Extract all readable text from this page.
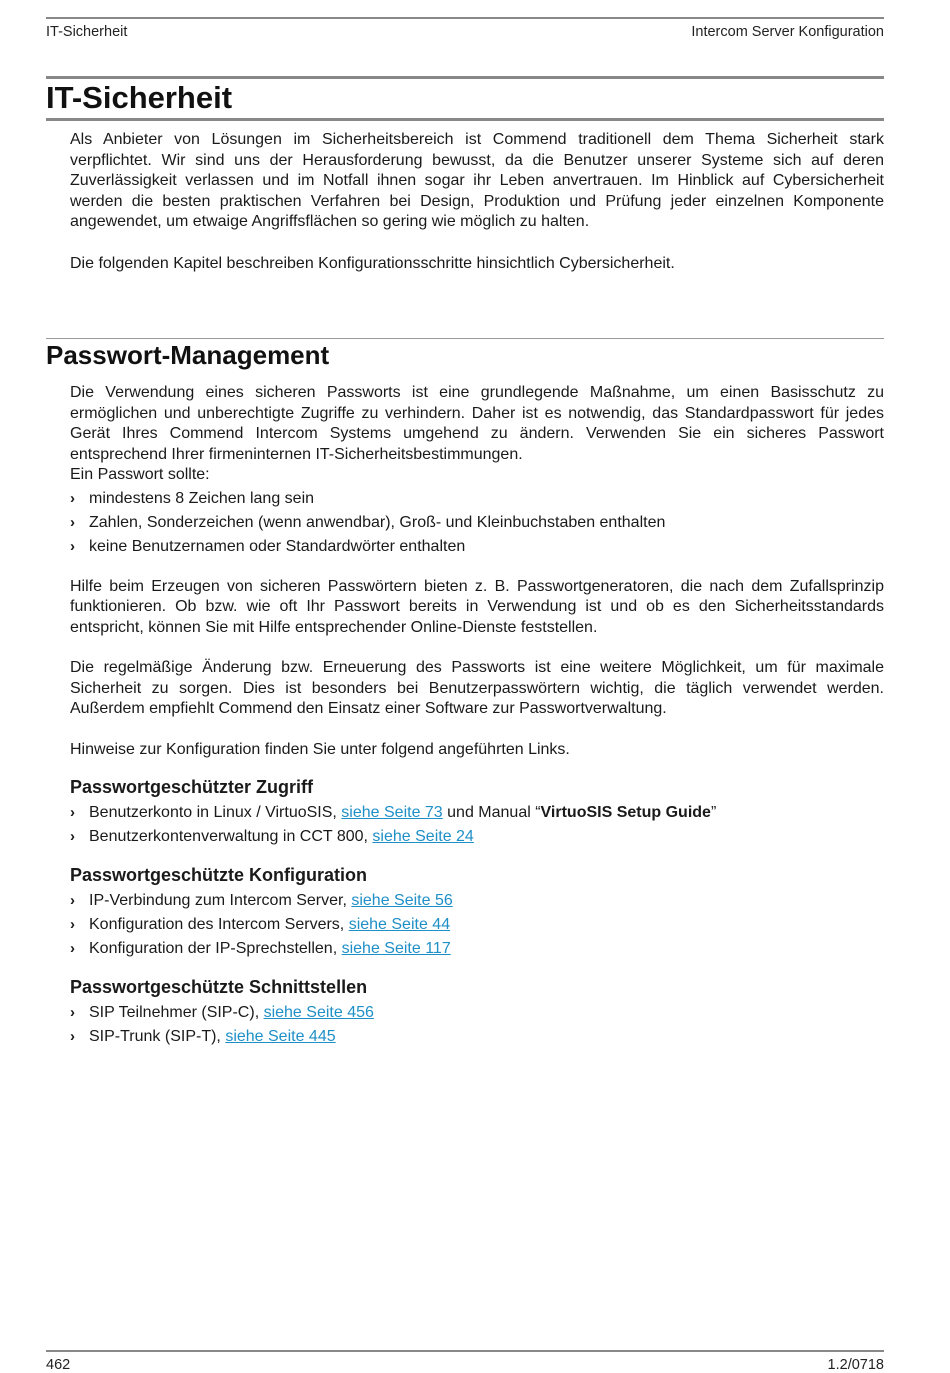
IT-Sicherheit	Intercom Server Konfiguration
IT-Sicherheit

Als Anbieter von Lösungen im Sicherheitsbereich ist Commend traditionell dem Thema Sicherheit stark verpflichtet. Wir sind uns der Herausforderung bewusst, da die Benutzer unserer Systeme sich auf deren Zuverlässigkeit verlassen und im Notfall ihnen sogar ihr Leben anvertrauen. Im Hinblick auf Cybersicherheit werden die besten praktischen Verfahren bei Design, Produktion und Prüfung jeder einzelnen Komponente angewendet, um etwaige Angriffsflächen so gering wie möglich zu halten.

Die folgenden Kapitel beschreiben Konfigurationsschritte hinsichtlich Cybersicherheit.

Passwort-Management

Die Verwendung eines sicheren Passworts ist eine grundlegende Maßnahme, um einen Basisschutz zu ermöglichen und unberechtigte Zugriffe zu verhindern. Daher ist es notwendig, das Standardpasswort für jedes Gerät Ihres Commend Intercom Systems umgehend zu ändern. Verwenden Sie ein sicheres Passwort entsprechend Ihrer firmeninternen IT-Sicherheitsbestimmungen.

Ein Passwort sollte:

› mindestens 8 Zeichen lang sein
› Zahlen, Sonderzeichen (wenn anwendbar), Groß- und Kleinbuchstaben enthalten
› keine Benutzernamen oder Standardwörter enthalten

Hilfe beim Erzeugen von sicheren Passwörtern bieten z. B. Passwortgeneratoren, die nach dem Zufallsprinzip funktionieren. Ob bzw. wie oft Ihr Passwort bereits in Verwendung ist und ob es den Sicherheitsstandards entspricht, können Sie mit Hilfe entsprechender Online-Dienste feststellen.

Die regelmäßige Änderung bzw. Erneuerung des Passworts ist eine weitere Möglichkeit, um für maximale Sicherheit zu sorgen. Dies ist besonders bei Benutzerpasswörtern wichtig, die täglich verwendet werden. Außerdem empfiehlt Commend den Einsatz einer Software zur Passwortverwaltung.

Hinweise zur Konfiguration finden Sie unter folgend angeführten Links.

Passwortgeschützter Zugriff
› Benutzerkonto in Linux / VirtuoSIS, siehe Seite 73 und Manual “VirtuoSIS Setup Guide”
› Benutzerkontenverwaltung in CCT 800, siehe Seite 24
Passwortgeschützte Konfiguration
› IP-Verbindung zum Intercom Server, siehe Seite 56
› Konfiguration des Intercom Servers, siehe Seite 44
› Konfiguration der IP-Sprechstellen, siehe Seite 117
Passwortgeschützte Schnittstellen
› SIP Teilnehmer (SIP-C), siehe Seite 456
› SIP-Trunk (SIP-T), siehe Seite 445
462	1.2/0718
